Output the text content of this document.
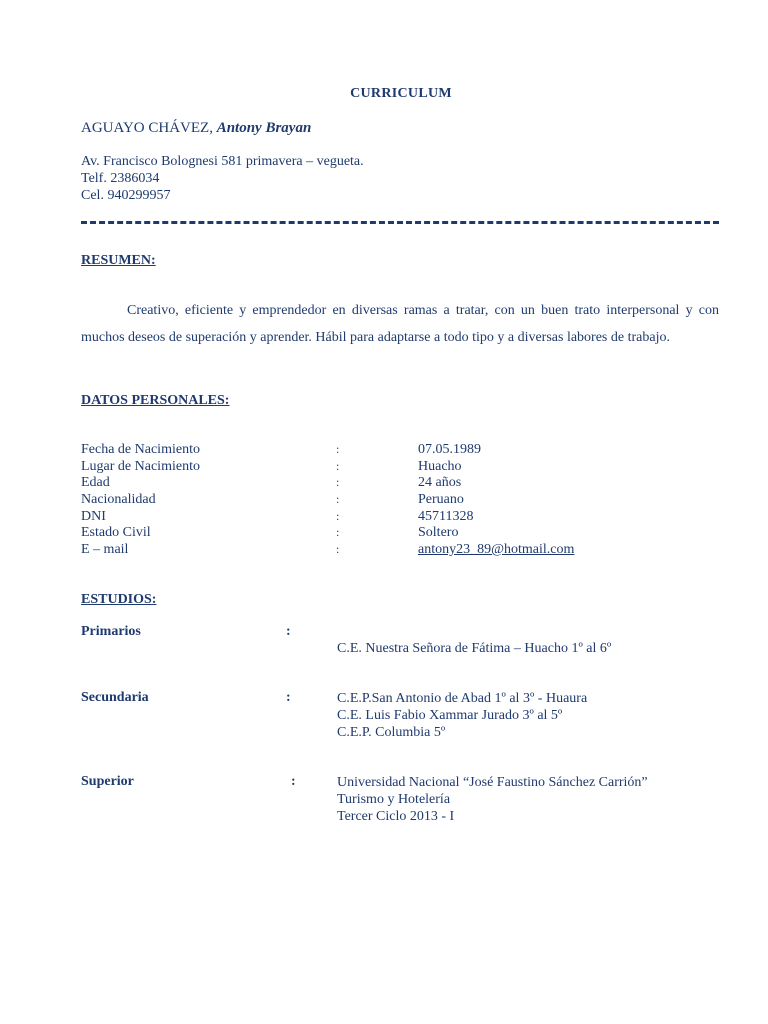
CURRICULUM
AGUAYO CHÁVEZ, Antony Brayan
Av. Francisco Bolognesi 581 primavera – vegueta.
Telf. 2386034
Cel. 940299957
RESUMEN:
Creativo, eficiente y emprendedor en diversas ramas a tratar, con un buen trato interpersonal y con muchos deseos de superación y aprender. Hábil para adaptarse a todo tipo y a diversas labores de trabajo.
DATOS PERSONALES:
Fecha de Nacimiento	:	07.05.1989
Lugar de Nacimiento	:	Huacho
Edad	:	24 años
Nacionalidad	:	Peruano
DNI	:	45711328
Estado Civil	:	Soltero
E – mail	:	antony23_89@hotmail.com
ESTUDIOS:
Primarios	:
C.E. Nuestra Señora de Fátima – Huacho 1º al 6º
Secundaria	:	C.E.P.San Antonio de Abad 1º al 3º - Huaura
C.E. Luis Fabio Xammar Jurado 3º al 5º
C.E.P. Columbia 5º
Superior	:	Universidad Nacional “José Faustino Sánchez Carrión”
Turismo y Hotelería
Tercer Ciclo 2013 - I
